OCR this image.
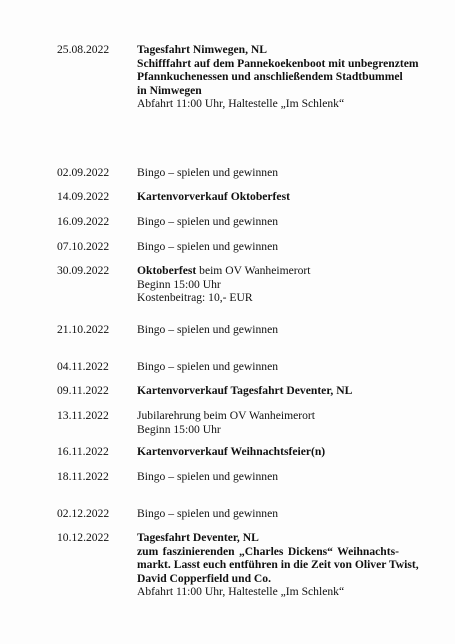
25.08.2022 Tagesfahrt Nimwegen, NL
Schifffahrt auf dem Pannekoekenboot mit unbegrenztem
Pfannkuchenessen und anschließendem Stadtbummel
in Nimwegen
Abfahrt 11:00 Uhr, Haltestelle „Im Schlenk“
02.09.2022 Bingo – spielen und gewinnen
14.09.2022 Kartenvorverkauf Oktoberfest
16.09.2022 Bingo – spielen und gewinnen
07.10.2022 Bingo – spielen und gewinnen
30.09.2022 Oktoberfest beim OV Wanheimerort
Beginn 15:00 Uhr
Kostenbeitrag: 10,- EUR
21.10.2022 Bingo – spielen und gewinnen
04.11.2022 Bingo – spielen und gewinnen
09.11.2022 Kartenvorverkauf Tagesfahrt Deventer, NL
13.11.2022 Jubilarehrung beim OV Wanheimerort
Beginn 15:00 Uhr
16.11.2022 Kartenvorverkauf Weihnachtsfeier(n)
18.11.2022 Bingo – spielen und gewinnen
02.12.2022 Bingo – spielen und gewinnen
10.12.2022 Tagesfahrt Deventer, NL
zum faszinierenden „Charles Dickens“ Weihnachts-
markt. Lasst euch entführen in die Zeit von Oliver Twist,
David Copperfield und Co.
Abfahrt 11:00 Uhr, Haltestelle „Im Schlenk“
